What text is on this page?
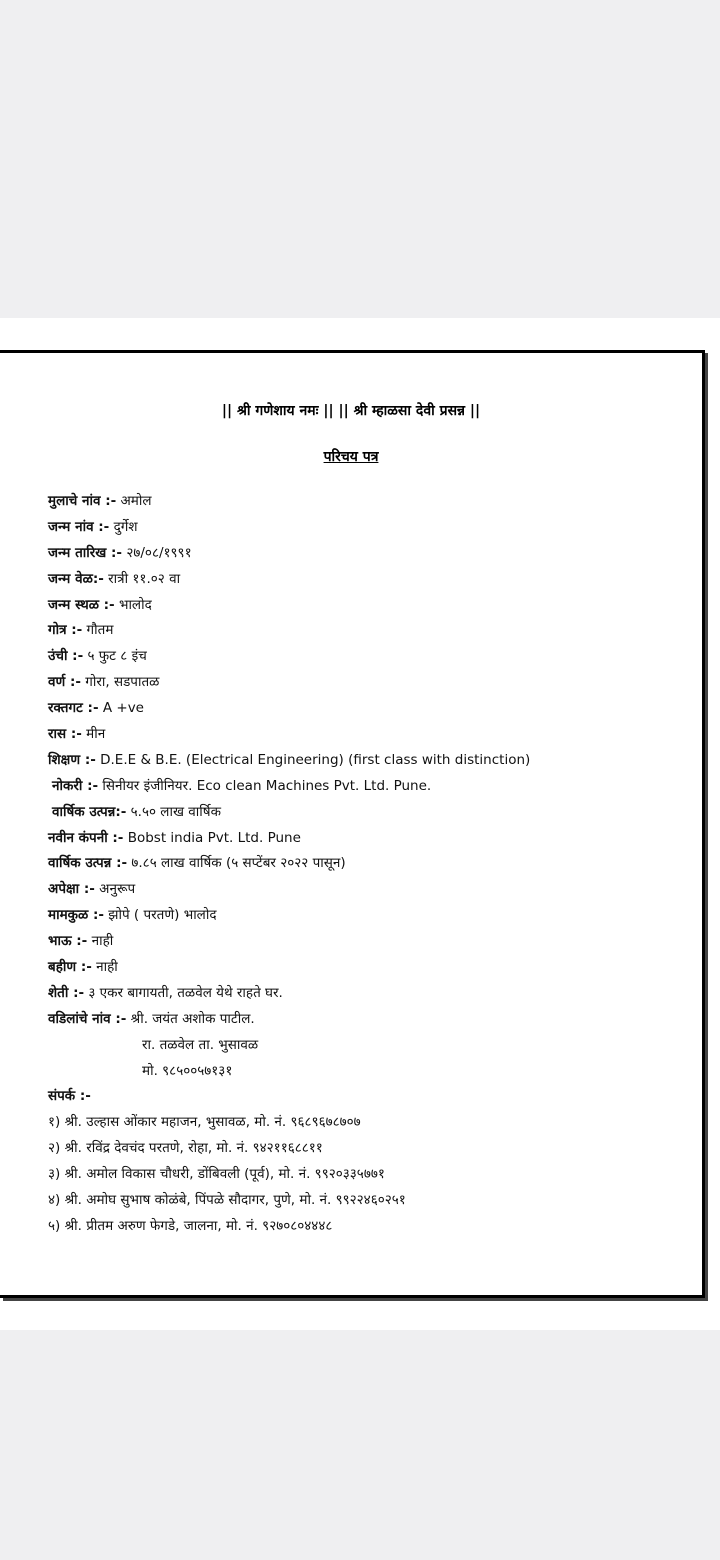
|| श्री गणेशाय नमः || || श्री म्हाळसा देवी प्रसन्न ||

परिचय पत्र

मुलाचे नांव :- अमोल
जन्म नांव :- दुर्गेश
जन्म तारिख :- २७/०८/१९९१
जन्म वेळ:- रात्री ११.०२ वा
जन्म स्थळ :- भालोद
गोत्र :- गौतम
उंची :- ५ फुट ८ इंच
वर्ण :- गोरा, सडपातळ
रक्तगट :- A +ve
रास :- मीन
शिक्षण :- D.E.E & B.E. (Electrical Engineering) (first class with distinction)
नोकरी :- सिनीयर इंजीनियर. Eco clean Machines Pvt. Ltd. Pune.
वार्षिक उत्पन्न:- ५.५० लाख वार्षिक
नवीन कंपनी :- Bobst india Pvt. Ltd. Pune
वार्षिक उत्पन्न :- ७.८५ लाख वार्षिक (५ सप्टेंबर २०२२ पासून)
अपेक्षा :- अनुरूप
मामकुळ :- झोपे ( परतणे) भालोद
भाऊ :- नाही
बहीण :- नाही
शेती :- ३ एकर बागायती, तळवेल येथे राहते घर.
वडिलांचे नांव :- श्री. जयंत अशोक पाटील.
रा. तळवेल ता. भुसावळ
मो. ९८५००५७१३१
संपर्क :-
१) श्री. उल्हास ओंकार महाजन, भुसावळ, मो. नं. ९६८९६७८७०७
२) श्री. रविंद्र देवचंद परतणे, रोहा, मो. नं. ९४२११६८८११
३) श्री. अमोल विकास चौधरी, डोंबिवली (पूर्व), मो. नं. ९९२०३३५७७१
४) श्री. अमोघ सुभाष कोळंबे, पिंपळे सौदागर, पुणे, मो. नं. ९९२२४६०२५१
५) श्री. प्रीतम अरुण फेगडे, जालना, मो. नं. ९२७०८०४४४८
